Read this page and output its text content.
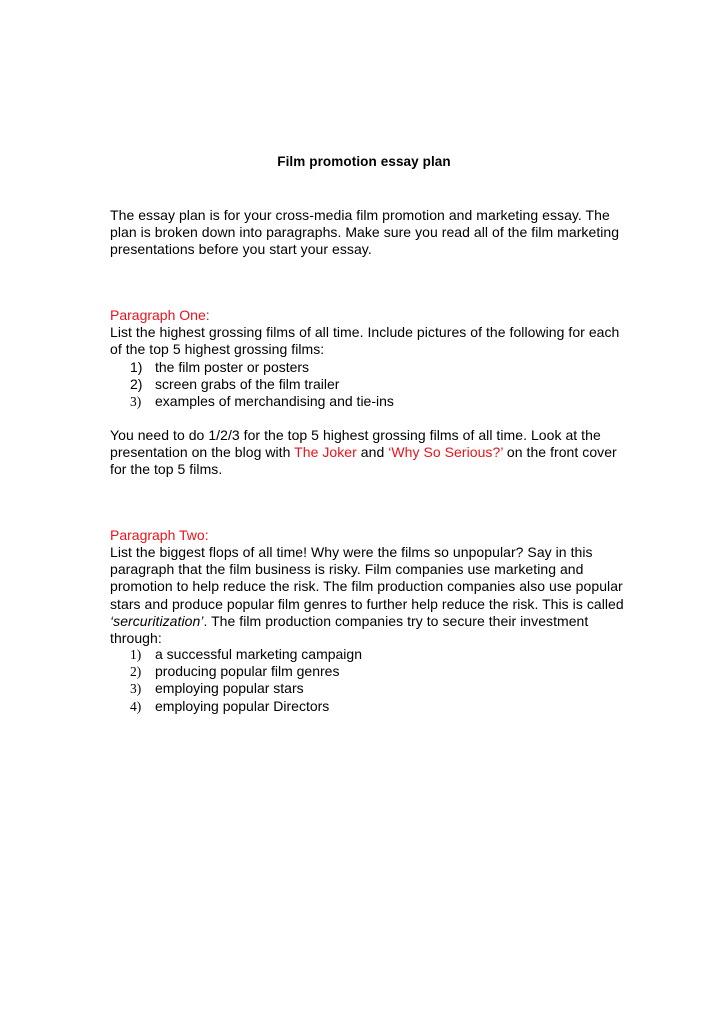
Film promotion essay plan

The essay plan is for your cross-media film promotion and marketing essay. The plan is broken down into paragraphs. Make sure you read all of the film marketing presentations before you start your essay.

Paragraph One:

List the highest grossing films of all time. Include pictures of the following for each of the top 5 highest grossing films:

1) the film poster or posters
2) screen grabs of the film trailer
3) examples of merchandising and tie-ins

You need to do 1/2/3 for the top 5 highest grossing films of all time. Look at the presentation on the blog with The Joker and ‘Why So Serious?’ on the front cover for the top 5 films.

Paragraph Two:

List the biggest flops of all time! Why were the films so unpopular? Say in this paragraph that the film business is risky. Film companies use marketing and promotion to help reduce the risk. The film production companies also use popular stars and produce popular film genres to further help reduce the risk. This is called ‘sercuritization’. The film production companies try to secure their investment through:

1) a successful marketing campaign
2) producing popular film genres
3) employing popular stars
4) employing popular Directors
